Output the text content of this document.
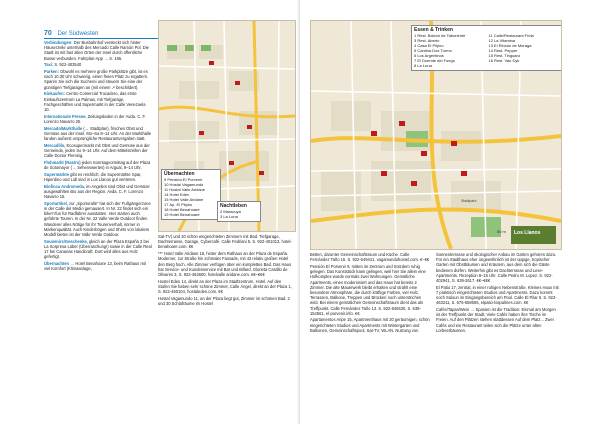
70 Der Südwesten

Verbindungen: Der Busbahnhof versteckt sich hinter Häuserzeile unterhalb des Mercado Calle Ramón Pol. Die Stadt ist mit fast allen Orten der Insel durch öffentliche Busse verbunden. Fahrplan-App → S. 165.

Taxi: S. 922-403540

Parken: Obwohl es mehrere große Parkplätze gibt, ist es nach 10.30 Uhr schwierig, einen freien Platz zu ergattern. Sparen Sie sich die Sucherei und steuern Sie eine der günstigen Tiefgaragen an (mit einem ↗ beschildert).

Einkaufen: Centro Comercial Trocadero, das erste Einkaufszentrum La Palmas, mit Tiefgarage, Fachgeschäften und Supermarkt in der Calle Venezuela 10.

Internationale Presse, Zeitungsladen in der Avda. C. F. Lorenzo Navarro 25.

Mercado/Markthalle (→ Stadtplan), frisches Obst und Gemüse aus der Insel. Mo–Sa 8–14 Uhr. An der Markthalle fanden außerst ursprüngliche Restaurantvergaben statt.

Mercadillo, Ecosupermarkt mit Obst und Gemüse aus der Gemeinde, jeden So 9–14 Uhr. Auf dem Mittelstreifen der Calle Doctor Fleming.

Flohmarkt (Rastro) jeden Sonntagvormittag auf der Plaza de Sotomayor (→ Sehenswertes) in Argual, 9–14 Uhr.

Supermärkte gibt es reichlich; die Supermärkte Spar, Hiperdino und Lidl sind in Los Llanos gut vertreten.

Biofinca Andromeda, im Angebot sind Obst und Gemüse ausgewählten Bio aus der Region. Avda. C. F. Lorenzo Navarro 15.

Sportartikel, zur „Sportoralle“ hat sich der Fußgängerzone in der Calle del Medio gemausert. In Nr. 22 findet sich ein bike'n'fun für Radfahrer ausstatten. Hier starten auch geführte Touren. In der Nr. 22 Valle Verde Outdoor finden Wanderer alles Nötige für ihr Tourenverhalt, immer in Markenqualität. Auch Kinderbögen und Shirts von lokalem Modell bieten ist der Valle Verde Outdoor.

Souvenirs/Geschenke, gleich an der Plaza España 2 bei La Sorpresa Lüber (Überraschung!) sowie in der Calle Real 17 bei Canarias Handicraft. Dort wird alles aus Holz gefertigt.

Übernachten → Hotel Benahoare 13, beim Rathaus mit viel Komfort (Klimaanlage,

Übernachten
9 Pensión El Porvenir
10 Hostal Vagamundo
11 Hostal Valle Aridane
14 Hotel Edén
15 Hotel Valle Aridane
17 Ap. El Pilpiro
18 Hotel Benahoare
19 Hotel Benahoare
Nachtleben
2 Maracuya
3 La Luna

Sat-TV) und 20 schön eingerichteten Zimmern mit Bad. Tiefgarage, Dachterrasse, Garage, Cybercafé. Calle Fedriani 5. S. 922-401013, hotel-benahoare.com. €€

*** Hotel Valle Aridane 16, hinter dem Rathaus an der Plaza de España. Moderner, zur Straße hin schmaler Fassade, mit 42 relativ großen Hotel den Berg hoch. Alle Zimmer verfügen über ein komplettes Bad. Das Haus hat Service- und Kundenservice mit Bar und Billard. Glorieta Castillo de Olivares 3, S. 922-462600, hotelvalle aridane.com. €€–€€€

Hostel Eden 14, direkt an der Plaza im Stadtzentrum, Hotel. Auf den Stufen Sie haben sehr schöne Zimmer, Calle Ángel, direkt an der Plaza 1, S. 922-460104, hostaleden.com. €€

Hostal Vagamundo 11, an der Plaza liegt gut, Zimmer im schönen Bad. 2 und 30 Schlafräume im Hostel

Essen & Trinken
1 Rest. Balcón de Taburiente
3 Rest. Aberto
4 Casa El Pilpiro
5 Cantina Dos Turmo
6 Los Argentinos
7 El Duende del Fuego
8 La Luna
11 Calle/Restaurant Frida
12 La Vitamina
13 El Rincón de Moraga
14 Rest. Pepper
15 Rest. Tinguaro
16 Rest. Van Dyk
50 m Los Llanos
Stadtpark

Betten, darunter Gemeinschaftsraum und Küche. Calle Fernández Taño 15. S. 922-649441, vagamundohostel.com. €–€€

Pensión El Porvenir 9, mitten im Zentrum und trotzdem ruhig gelegen. Das Kunststück kann gelingen, weil hier Sie allein eine Hofkomplex wurde vormals zwei Wohnungen. Gemütliche Apartments, eines modernisiert und das Haus hat bereits 2 Zimmer. Die alte Mauerwerk bleibt erhalten und strahlt eine besondere Atmosphäre, die durch kräftige Farben, viel Holz, Terrassen, Balkone, Treppen und Brücken noch unterstrichen wird. Bei einem gemütlichen Gemeinschaftsraum dient das als Treffpunkt. Calle Fernández Taño 13. S. 922-845530, S. 639-154561, el-porvenir.info. €€

Apartamentos Aripe 15, Apartmenthaus mit 20 geräumigen, schön eingerichteten Studios und Apartments mit Wintergarten und Balkonen, Gemeinschaftspool, Sat-TV, WLAN. Nutzung von

Sonnenterrasse und ökologischer Anbau im Garten gehören dazu. Für ein Stadthaus eher ungewöhnlich ist der üppige, tropischer Garten mit Obstbäumen und Kräutern, aus dem sich die Gäste bedienen dürfen. Weiterhin gibt es Dachterrasse und Lese-Apartments. Rezeption 8–15 Uhr. Calle Pedro M. Lopez. S. 922-402941, S. 639-2617. €€–€€€

El Patio 17, zentral, in einer ruhigen Nebenstraße. Kleines Haus mit 7 praktisch eingerichteten Studios und Apartments. Dazu kommt noch Saloun im Eingangsbereich am Pool. Calle El Pilar 6. S. 922-463211, S. 676-558606, elpatio-lospalmes.com. €€

Cafés/Tapas/Wein → Spanien ist die Tradition: Einmal am Morgen ist der Treffpunkt der Stadt. Viele Cafés haben ihre Tische im Freien. Auf den Plätzen stehen stattdessen Auf dem Platz... Zwei Cafés und ein Restaurant teilen sich die Plätze unter alten Lorbeerbäumen.
